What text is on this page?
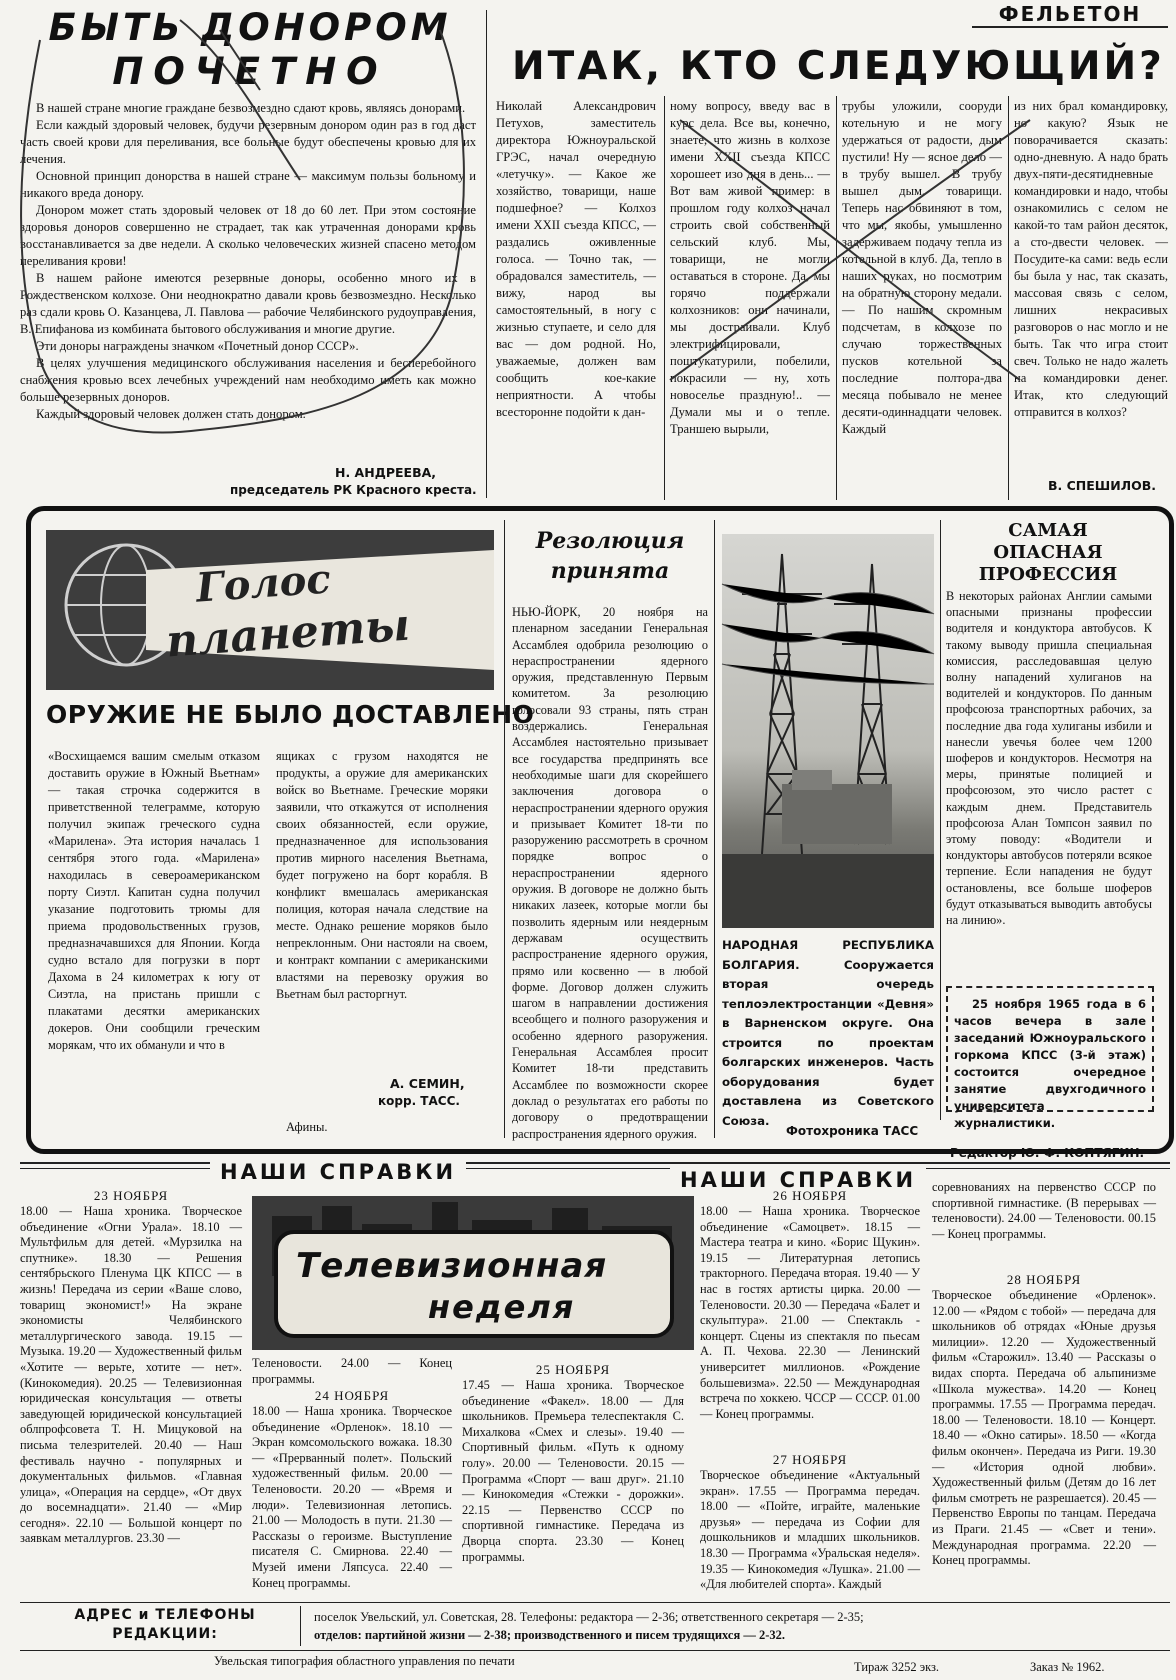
БЫТЬ ДОНОРОМ
ПОЧЕТНО

В нашей стране многие граждане безвозмездно сдают кровь, являясь донорами.

Если каждый здоровый человек, будучи резервным донором один раз в год даст часть своей крови для переливания, все больные будут обеспечены кровью для их лечения.

Основной принцип донорства в нашей стране — максимум пользы больному и никакого вреда донору.

Донором может стать здоровый человек от 18 до 60 лет. При этом состояние здоровья доноров совершенно не страдает, так как утраченная донорами кровь восстанавливается за две недели. А сколько человеческих жизней спасено методом переливания крови!

В нашем районе имеются резервные доноры, особенно много их в Рождественском колхозе. Они неоднократно давали кровь безвозмездно. Несколько раз сдали кровь О. Казанцева, Л. Павлова — рабочие Челябинского рудоуправления, В. Епифанова из комбината бытового обслуживания и многие другие.

Эти доноры награждены значком «Почетный донор СССР».

В целях улучшения медицинского обслуживания населения и бесперебойного снабжения кровью всех лечебных учреждений нам необходимо иметь как можно больше резервных доноров.

Каждый здоровый человек должен стать донором.

Н. АНДРЕЕВА,
председатель РК Красного креста.
ФЕЛЬЕТОН
ИТАК, КТО СЛЕДУЮЩИЙ?
Николай Александрович Петухов, заместитель директора Южноуральской ГРЭС, начал очередную «летучку». — Какое же хозяйство, товарищи, наше подшефное? — Колхоз имени XXII съезда КПСС, — раздались оживленные голоса. — Точно так, — обрадовался заместитель, — вижу, народ вы самостоятельный, в ногу с жизнью ступаете, и село для вас — дом родной. Но, уважаемые, должен вам сообщить кое-какие неприятности. А чтобы всесторонне подойти к дан-
ному вопросу, введу вас в курс дела. Все вы, конечно, знаете, что жизнь в колхозе имени XXII съезда КПСС хорошеет изо дня в день... — Вот вам живой пример: в прошлом году колхоз начал строить свой собственный сельский клуб. Мы, товарищи, не могли оставаться в стороне. Да, мы горячо поддержали колхозников: они начинали, мы достраивали. Клуб электрифицировали, поштукатурили, побелили, покрасили — ну, хоть новоселье праздную!.. — Думали мы и о тепле. Траншею вырыли,
трубы уложили, сооруди котельную и не могу удержаться от радости, дым пустили! Ну — ясное дело — в трубу вышел. В трубу вышел дым, товарищи. Теперь нас обвиняют в том, что мы, якобы, умышленно задерживаем подачу тепла из котельной в клуб. Да, тепло в наших руках, но посмотрим на обратную сторону медали. — По нашим скромным подсчетам, в колхозе по случаю торжественных пусков котельной за последние полтора-два месяца побывало не менее десяти-одиннадцати человек. Каждый
из них брал командировку, но какую? Язык не поворачивается сказать: одно-дневную. А надо брать двух-пяти-десятидневные командировки и надо, чтобы ознакомились с селом не какой-то там район десяток, а сто-двести человек. — Посудите-ка сами: ведь если бы была у нас, так сказать, массовая связь с селом, лишних некрасивых разговоров о нас могло и не быть. Так что игра стоит свеч. Только не надо жалеть на командировки денег. Итак, кто следующий отправится в колхоз?
В. СПЕШИЛОВ.
Голос
планеты
ОРУЖИЕ НЕ БЫЛО ДОСТАВЛЕНО
«Восхищаемся вашим смелым отказом доставить оружие в Южный Вьетнам» — такая строчка содержится в приветственной телеграмме, которую получил экипаж греческого судна «Марилена». Эта история началась 1 сентября этого года. «Марилена» находилась в североамериканском порту Сиэтл. Капитан судна получил указание подготовить трюмы для приема продовольственных грузов, предназначавшихся для Японии. Когда судно встало для погрузки в порт Дахома в 24 километрах к югу от Сиэтла, на пристань пришли с плакатами десятки американских докеров. Они сообщили греческим морякам, что их обманули и что в
ящиках с грузом находятся не продукты, а оружие для американских войск во Вьетнаме. Греческие моряки заявили, что откажутся от исполнения своих обязанностей, если оружие, предназначенное для использования против мирного населения Вьетнама, будет погружено на борт корабля. В конфликт вмешалась американская полиция, которая начала следствие на месте. Однако решение моряков было непреклонным. Они настояли на своем, и контракт компании с американскими властями на перевозку оружия во Вьетнам был расторгнут.
А. СЕМИН,
корр. ТАСС.
Афины.
Резолюция принята
НЬЮ-ЙОРК, 20 ноября на пленарном заседании Генеральная Ассамблея одобрила резолюцию о нераспространении ядерного оружия, представленную Первым комитетом. За резолюцию голосовали 93 страны, пять стран воздержались. Генеральная Ассамблея настоятельно призывает все государства предпринять все необходимые шаги для скорейшего заключения договора о нераспространении ядерного оружия и призывает Комитет 18-ти по разоружению рассмотреть в срочном порядке вопрос о нераспространении ядерного оружия. В договоре не должно быть никаких лазеек, которые могли бы позволить ядерным или неядерным державам осуществить распространение ядерного оружия, прямо или косвенно — в любой форме. Договор должен служить шагом в направлении достижения всеобщего и полного разоружения и особенно ядерного разоружения. Генеральная Ассамблея просит Комитет 18-ти представить Ассамблее по возможности скорее доклад о результатах его работы по договору о предотвращении распространения ядерного оружия.
НАРОДНАЯ РЕСПУБЛИКА БОЛГАРИЯ.	Сооружается вторая очередь теплоэлектростанции «Девня» в Варненском округе. Она строится по проектам болгарских инженеров. Часть оборудования будет доставлена из Советского Союза.
Фотохроника ТАСС
САМАЯ ОПАСНАЯ ПРОФЕССИЯ
В некоторых районах Англии самыми опасными признаны профессии водителя и кондуктора автобусов. К такому выводу пришла специальная комиссия, расследовавшая целую волну нападений хулиганов на водителей и кондукторов. По данным профсоюза транспортных рабочих, за последние два года хулиганы избили и нанесли увечья более чем 1200 шоферов и кондукторов. Несмотря на меры, принятые полицией и профсоюзом, это число растет с каждым днем. Представитель профсоюза Алан Томпсон заявил по этому поводу: «Водители и кондукторы автобусов потеряли всякое терпение. Если нападения не будут остановлены, все больше шоферов будут отказываться выводить автобусы на линию».
25 ноября 1965 года в 6 часов вечера в зале заседаний Южноуральского горкома КПСС (3-й этаж) состоится очередное занятие двухгодичного университета журналистики.
Редактор Ю. Ф. КОПТЯГИН.
НАШИ СПРАВКИ	НАШИ СПРАВКИ
23 НОЯБРЯ
18.00 — Наша хроника. Творческое объединение «Огни Урала». 18.10 — Мультфильм для детей. «Мурзилка на спутнике». 18.30 — Решения сентябрьского Пленума ЦК КПСС — в жизнь! Передача из серии «Ваше слово, товарищ экономист!» На экране экономисты Челябинского металлургического завода. 19.15 — Музыка. 19.20 — Художественный фильм «Хотите — верьте, хотите — нет». (Кинокомедия). 20.25 — Телевизионная юридическая консультация — ответы заведующей юридической консультацией облпрофсовета Т. Н. Мицуковой на письма телезрителей. 20.40 — Наш фестиваль научно - популярных и документальных фильмов. «Главная улица», «Операция на сердце», «От двух до восемнадцати». 21.40 — «Мир сегодня». 22.10 — Большой концерт по заявкам металлургов. 23.30 —
Телевизионная
неделя
Теленовости. 24.00 — Конец программы.
24 НОЯБРЯ
18.00 — Наша хроника. Творческое объединение «Орленок». 18.10 — Экран комсомольского вожака. 18.30 — «Прерванный полет». Польский художественный фильм. 20.00 — Теленовости. 20.20 — «Время и люди». Телевизионная летопись. 21.00 — Молодость в пути. 21.30 — Рассказы о героизме. Выступление писателя С. Смирнова. 22.40 — Музей имени Ляпсуса. 22.40 — Конец программы.
25 НОЯБРЯ
17.45 — Наша хроника. Творческое объединение «Факел». 18.00 — Для школьников. Премьера телеспектакля С. Михалкова «Смех и слезы». 19.40 — Спортивный фильм. «Путь к одному голу». 20.00 — Теленовости. 20.15 — Программа «Спорт — ваш друг». 21.10 — Кинокомедия «Стежки - дорожки». 22.15 — Первенство СССР по спортивной гимнастике. Передача из Дворца спорта. 23.30 — Конец программы.
26 НОЯБРЯ
18.00 — Наша хроника. Творческое объединение «Самоцвет». 18.15 — Мастера театра и кино. «Борис Щукин». 19.15 — Литературная летопись тракторного. Передача вторая. 19.40 — У нас в гостях артисты цирка. 20.00 — Теленовости. 20.30 — Передача «Балет и скульптура». 21.00 — Спектакль - концерт. Сцены из спектакля по пьесам А. П. Чехова. 22.30 — Ленинский университет миллионов. «Рождение большевизма». 22.50 — Международная встреча по хоккею. ЧССР — СССР. 01.00 — Конец программы.
27 НОЯБРЯ
Творческое объединение «Актуальный экран». 17.55 — Программа передач. 18.00 — «Пойте, играйте, маленькие друзья» — передача из Софии для дошкольников и младших школьников. 18.30 — Программа «Уральская неделя». 19.35 — Кинокомедия «Лушка». 21.00 — «Для любителей спорта». Каждый
соревнованиях на первенство СССР по спортивной гимнастике. (В перерывах — теленовости). 24.00 — Теленовости. 00.15 — Конец программы.
28 НОЯБРЯ
Творческое объединение «Орленок». 12.00 — «Рядом с тобой» — передача для школьников об отрядах «Юные друзья милиции». 12.20 — Художественный фильм «Старожил». 13.40 — Рассказы о видах спорта. Передача об альпинизме «Школа мужества». 14.20 — Конец программы. 17.55 — Программа передач. 18.00 — Теленовости. 18.10 — Концерт. 18.40 — «Окно сатиры». 18.50 — «Когда фильм окончен». Передача из Риги. 19.30 — «История одной любви». Художественный фильм (Детям до 16 лет фильм смотреть не разрешается). 20.45 — Первенство Европы по танцам. Передача из Праги. 21.45 — «Свет и тени». Международная программа. 22.20 — Конец программы.
АДРЕС и ТЕЛЕФОНЫ
РЕДАКЦИИ:
поселок Увельский, ул. Советская, 28. Телефоны: редактора — 2-36; ответственного секретаря — 2-35;
отделов: партийной жизни — 2-38; производственного и писем трудящихся — 2-32.
Увельская типография областного управления по печати	Тираж 3252 экз.	Заказ № 1962.
